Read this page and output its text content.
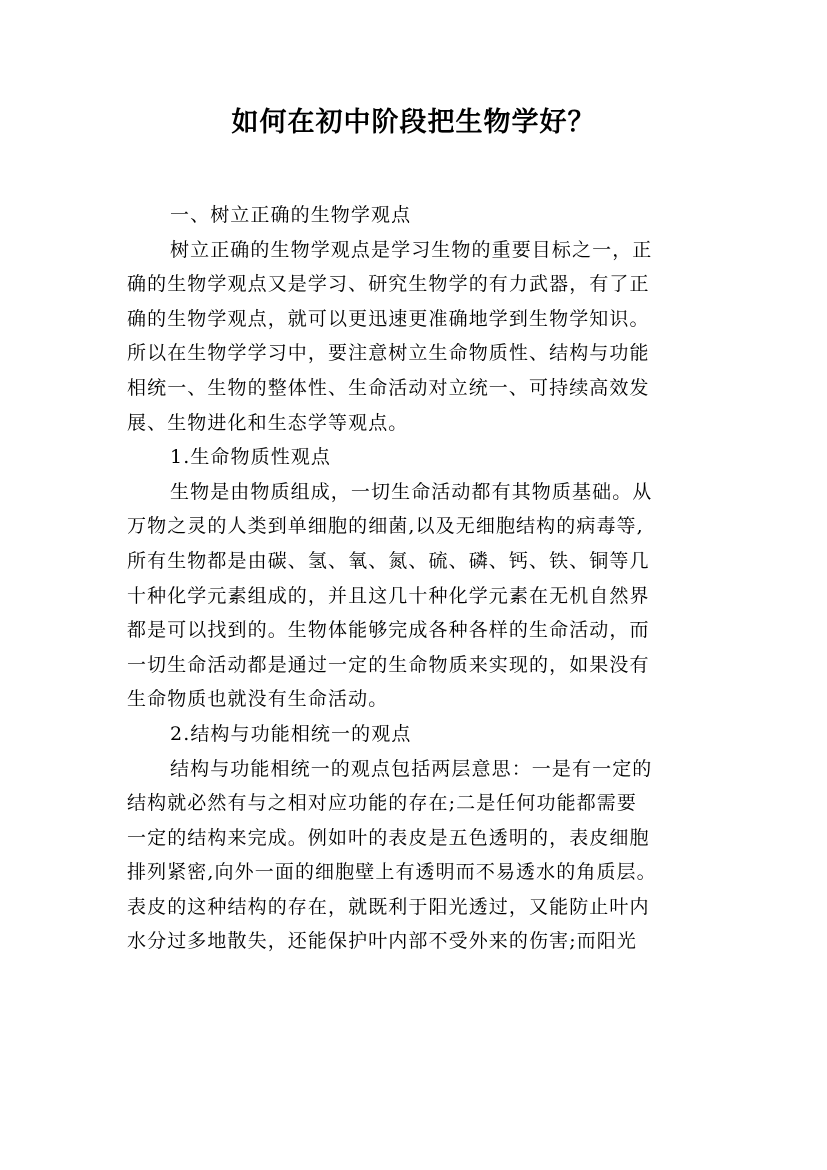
如何在初中阶段把生物学好？
一、树立正确的生物学观点
树立正确的生物学观点是学习生物的重要目标之一，正
确的生物学观点又是学习、研究生物学的有力武器，有了正
确的生物学观点，就可以更迅速更准确地学到生物学知识。
所以在生物学学习中，要注意树立生命物质性、结构与功能
相统一、生物的整体性、生命活动对立统一、可持续高效发
展、生物进化和生态学等观点。
1.生命物质性观点
生物是由物质组成，一切生命活动都有其物质基础。从
万物之灵的人类到单细胞的细菌,以及无细胞结构的病毒等,
所有生物都是由碳、氢、氧、氮、硫、磷、钙、铁、铜等几
十种化学元素组成的，并且这几十种化学元素在无机自然界
都是可以找到的。生物体能够完成各种各样的生命活动，而
一切生命活动都是通过一定的生命物质来实现的，如果没有
生命物质也就没有生命活动。
2.结构与功能相统一的观点
结构与功能相统一的观点包括两层意思：一是有一定的
结构就必然有与之相对应功能的存在;二是任何功能都需要
一定的结构来完成。例如叶的表皮是五色透明的，表皮细胞
排列紧密,向外一面的细胞壁上有透明而不易透水的角质层。
表皮的这种结构的存在，就既利于阳光透过，又能防止叶内
水分过多地散失，还能保护叶内部不受外来的伤害;而阳光
